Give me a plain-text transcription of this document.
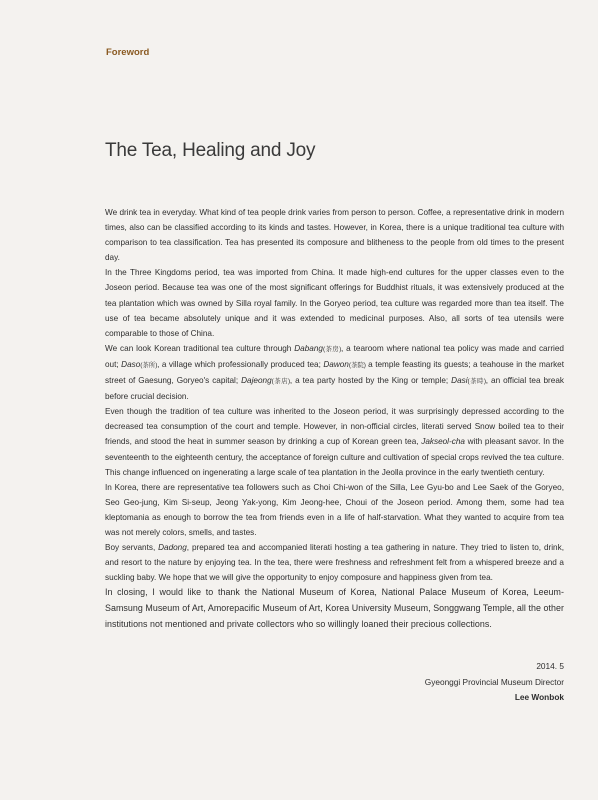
Foreword
The Tea, Healing and Joy

We drink tea in everyday. What kind of tea people drink varies from person to person. Coffee, a representative drink in modern times, also can be classified according to its kinds and tastes. However, in Korea, there is a unique traditional tea culture with comparison to tea classification. Tea has presented its composure and blitheness to the people from old times to the present day.

In the Three Kingdoms period, tea was imported from China. It made high-end cultures for the upper classes even to the Joseon period. Because tea was one of the most significant offerings for Buddhist rituals, it was extensively produced at the tea plantation which was owned by Silla royal family. In the Goryeo period, tea culture was regarded more than tea itself. The use of tea became absolutely unique and it was extended to medicinal purposes. Also, all sorts of tea utensils were comparable to those of China.

We can look Korean traditional tea culture through Dabang(茶房), a tearoom where national tea policy was made and carried out; Daso(茶所), a village which professionally produced tea; Dawon(茶院) a temple feasting its guests; a teahouse in the market street of Gaesung, Goryeo's capital; Dajeong(茶店), a tea party hosted by the King or temple; Dasi(茶時), an official tea break before crucial decision.

Even though the tradition of tea culture was inherited to the Joseon period, it was surprisingly depressed according to the decreased tea consumption of the court and temple. However, in non-official circles, literati served Snow boiled tea to their friends, and stood the heat in summer season by drinking a cup of Korean green tea, Jakseol-cha with pleasant savor. In the seventeenth to the eighteenth century, the acceptance of foreign culture and cultivation of special crops revived the tea culture. This change influenced on ingenerating a large scale of tea plantation in the Jeolla province in the early twentieth century.

In Korea, there are representative tea followers such as Choi Chi-won of the Silla, Lee Gyu-bo and Lee Saek of the Goryeo, Seo Geo-jung, Kim Si-seup, Jeong Yak-yong, Kim Jeong-hee, Choui of the Joseon period. Among them, some had tea kleptomania as enough to borrow the tea from friends even in a life of half-starvation. What they wanted to acquire from tea was not merely colors, smells, and tastes.

Boy servants, Dadong, prepared tea and accompanied literati hosting a tea gathering in nature. They tried to listen to, drink, and resort to the nature by enjoying tea. In the tea, there were freshness and refreshment felt from a whispered breeze and a suckling baby. We hope that we will give the opportunity to enjoy composure and happiness given from tea.

In closing, I would like to thank the National Museum of Korea, National Palace Museum of Korea, Leeum-Samsung Museum of Art, Amorepacific Museum of Art, Korea University Museum, Songgwang Temple, all the other institutions not mentioned and private collectors who so willingly loaned their precious collections.

2014. 5
Gyeonggi Provincial Museum Director
Lee Wonbok
